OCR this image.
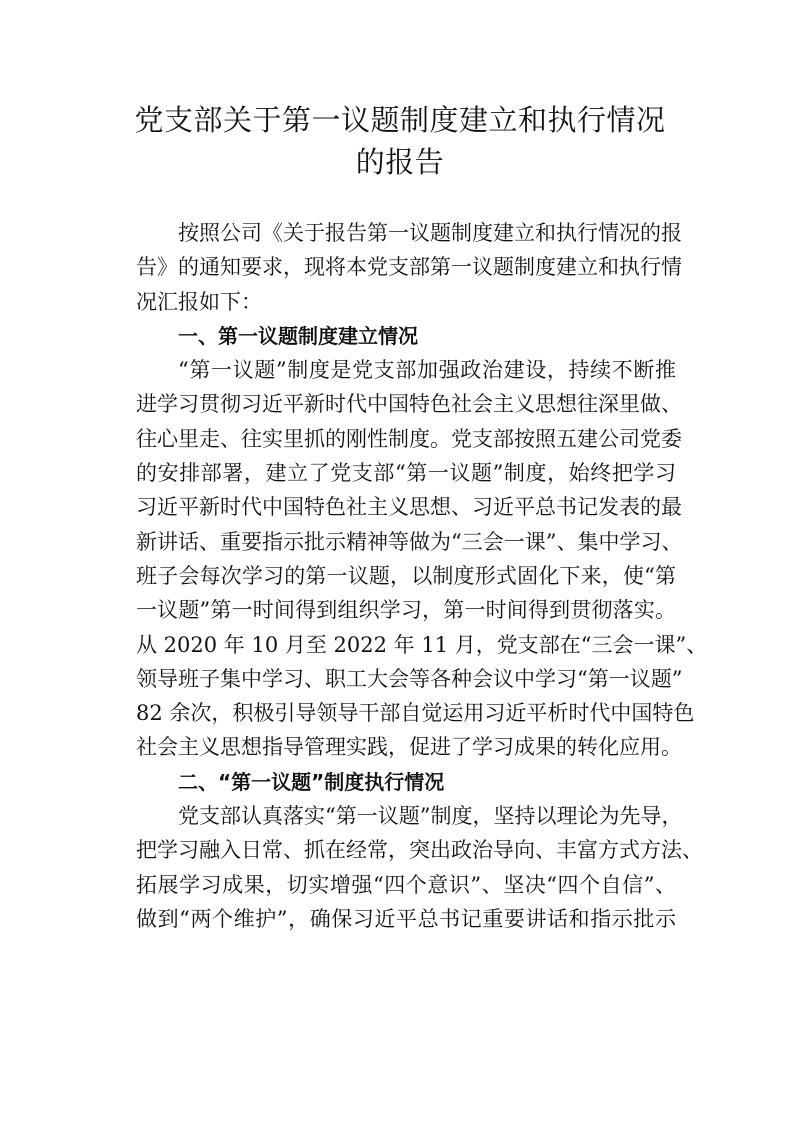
党支部关于第一议题制度建立和执行情况
的报告
按照公司《关于报告第一议题制度建立和执行情况的报
告》的通知要求，现将本党支部第一议题制度建立和执行情
况汇报如下：
一、第一议题制度建立情况
“第一议题”制度是党支部加强政治建设，持续不断推
进学习贯彻习近平新时代中国特色社会主义思想往深里做、
往心里走、往实里抓的刚性制度。党支部按照五建公司党委
的安排部署，建立了党支部“第一议题”制度，始终把学习
习近平新时代中国特色社主义思想、习近平总书记发表的最
新讲话、重要指示批示精神等做为“三会一课”、集中学习、
班子会每次学习的第一议题，以制度形式固化下来，使“第
一议题”第一时间得到组织学习，第一时间得到贯彻落实。
从 2020 年 10 月至 2022 年 11 月，党支部在“三会一课”、
领导班子集中学习、职工大会等各种会议中学习“第一议题”
82 余次，积极引导领导干部自觉运用习近平析时代中国特色
社会主义思想指导管理实践，促进了学习成果的转化应用。
二、“第一议题”制度执行情况
党支部认真落实“第一议题”制度，坚持以理论为先导，
把学习融入日常、抓在经常，突出政治导向、丰富方式方法、
拓展学习成果，切实增强“四个意识”、坚决“四个自信”、
做到“两个维护”，确保习近平总书记重要讲话和指示批示
